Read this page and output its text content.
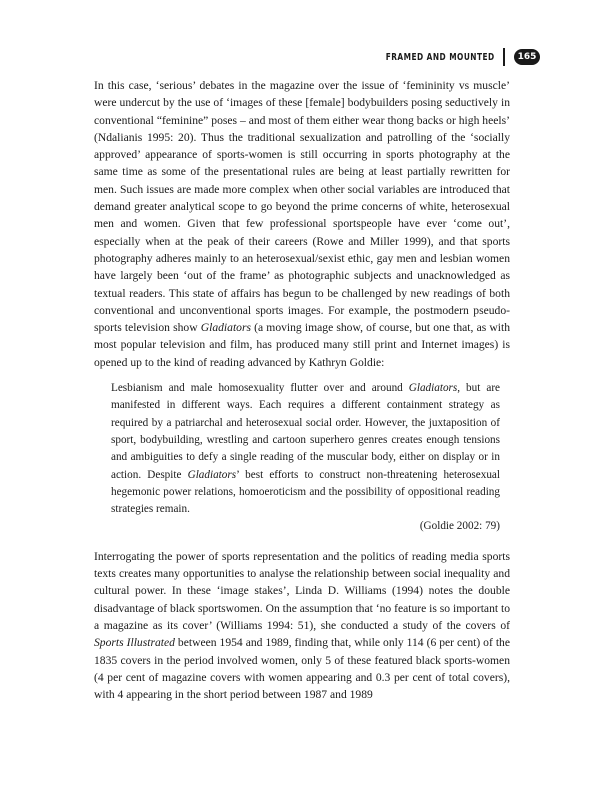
FRAMED AND MOUNTED	165

In this case, ‘serious’ debates in the magazine over the issue of ‘femininity vs muscle’ were undercut by the use of ‘images of these [female] bodybuilders posing seductively in conventional “feminine” poses – and most of them either wear thong backs or high heels’ (Ndalianis 1995: 20). Thus the traditional sexualization and patrolling of the ‘socially approved’ appearance of sports-women is still occurring in sports photography at the same time as some of the presentational rules are being at least partially rewritten for men. Such issues are made more complex when other social variables are introduced that demand greater analytical scope to go beyond the prime concerns of white, heterosexual men and women. Given that few professional sportspeople have ever ‘come out’, especially when at the peak of their careers (Rowe and Miller 1999), and that sports photography adheres mainly to an heterosexual/sexist ethic, gay men and lesbian women have largely been ‘out of the frame’ as photographic subjects and unacknowledged as textual readers. This state of affairs has begun to be challenged by new readings of both conventional and unconventional sports images. For example, the postmodern pseudo-sports television show Gladiators (a moving image show, of course, but one that, as with most popular television and film, has produced many still print and Internet images) is opened up to the kind of reading advanced by Kathryn Goldie:

Lesbianism and male homosexuality flutter over and around Gladiators, but are manifested in different ways. Each requires a different containment strategy as required by a patriarchal and heterosexual social order. However, the juxtaposition of sport, bodybuilding, wrestling and cartoon superhero genres creates enough tensions and ambiguities to defy a single reading of the muscular body, either on display or in action. Despite Gladiators’ best efforts to construct non-threatening heterosexual hegemonic power relations, homoeroticism and the possibility of oppositional reading strategies remain.

(Goldie 2002: 79)

Interrogating the power of sports representation and the politics of reading media sports texts creates many opportunities to analyse the relationship between social inequality and cultural power. In these ‘image stakes’, Linda D. Williams (1994) notes the double disadvantage of black sportswomen. On the assumption that ‘no feature is so important to a magazine as its cover’ (Williams 1994: 51), she conducted a study of the covers of Sports Illustrated between 1954 and 1989, finding that, while only 114 (6 per cent) of the 1835 covers in the period involved women, only 5 of these featured black sports-women (4 per cent of magazine covers with women appearing and 0.3 per cent of total covers), with 4 appearing in the short period between 1987 and 1989
